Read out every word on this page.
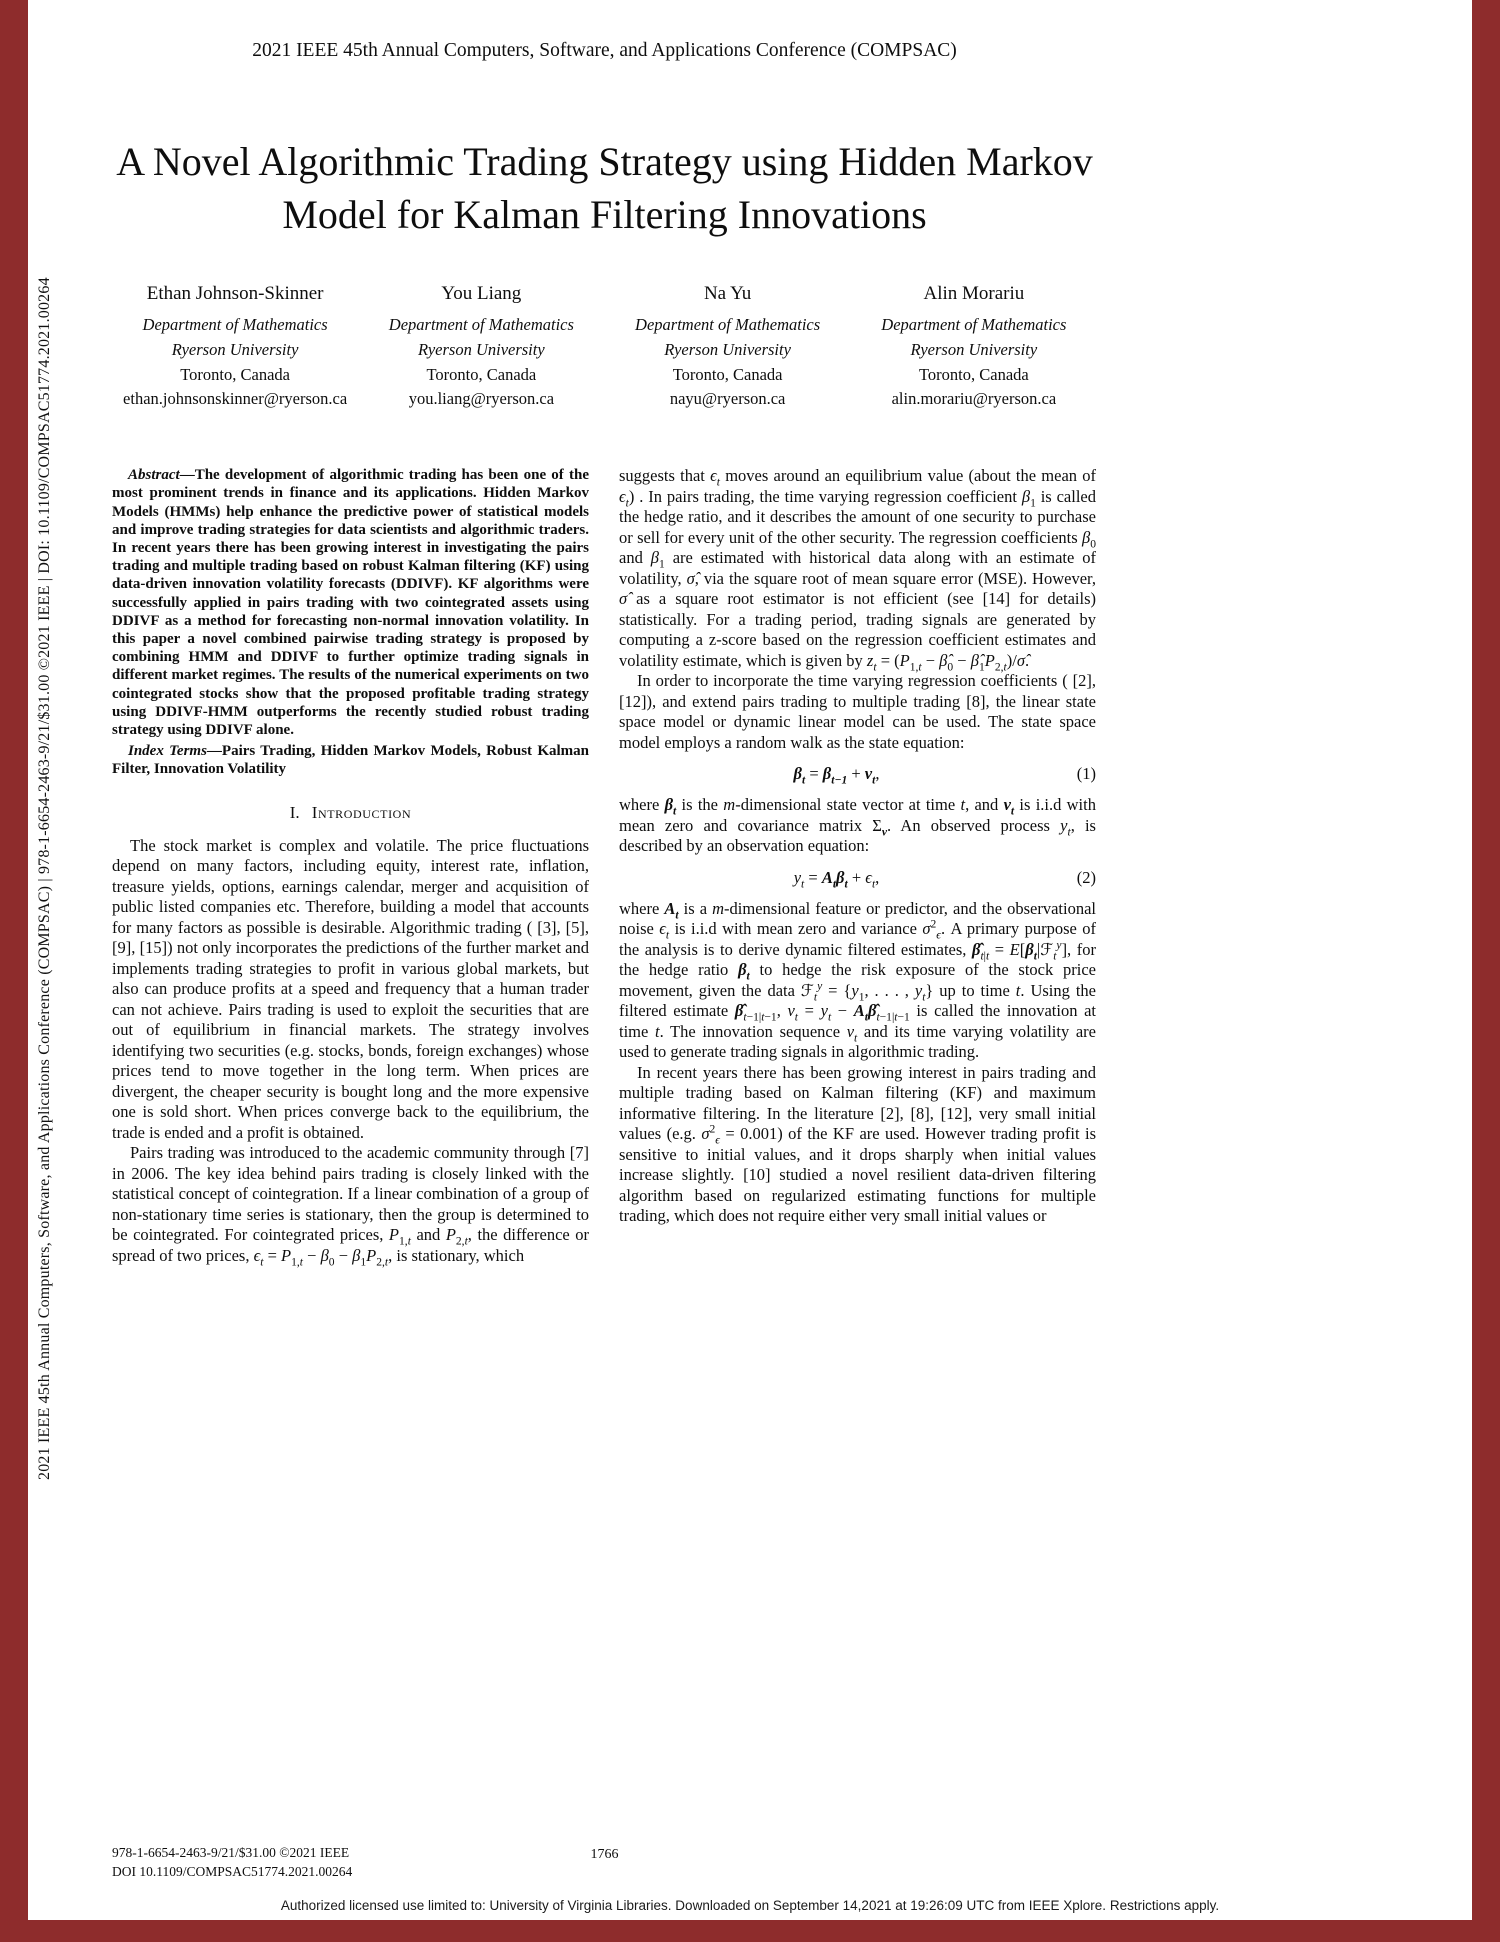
2021 IEEE 45th Annual Computers, Software, and Applications Conference (COMPSAC) | 978-1-6654-2463-9/21/$31.00 ©2021 IEEE | DOI: 10.1109/COMPSAC51774.2021.00264
2021 IEEE 45th Annual Computers, Software, and Applications Conference (COMPSAC)
A Novel Algorithmic Trading Strategy using Hidden Markov Model for Kalman Filtering Innovations
Ethan Johnson-Skinner
Department of Mathematics
Ryerson University
Toronto, Canada
ethan.johnsonskinner@ryerson.ca
You Liang
Department of Mathematics
Ryerson University
Toronto, Canada
you.liang@ryerson.ca
Na Yu
Department of Mathematics
Ryerson University
Toronto, Canada
nayu@ryerson.ca
Alin Morariu
Department of Mathematics
Ryerson University
Toronto, Canada
alin.morariu@ryerson.ca

Abstract—The development of algorithmic trading has been one of the most prominent trends in finance and its applications. Hidden Markov Models (HMMs) help enhance the predictive power of statistical models and improve trading strategies for data scientists and algorithmic traders. In recent years there has been growing interest in investigating the pairs trading and multiple trading based on robust Kalman filtering (KF) using data-driven innovation volatility forecasts (DDIVF). KF algorithms were successfully applied in pairs trading with two cointegrated assets using DDIVF as a method for forecasting non-normal innovation volatility. In this paper a novel combined pairwise trading strategy is proposed by combining HMM and DDIVF to further optimize trading signals in different market regimes. The results of the numerical experiments on two cointegrated stocks show that the proposed profitable trading strategy using DDIVF-HMM outperforms the recently studied robust trading strategy using DDIVF alone.

Index Terms—Pairs Trading, Hidden Markov Models, Robust Kalman Filter, Innovation Volatility

I. Introduction

The stock market is complex and volatile. The price fluctuations depend on many factors, including equity, interest rate, inflation, treasure yields, options, earnings calendar, merger and acquisition of public listed companies etc. Therefore, building a model that accounts for many factors as possible is desirable. Algorithmic trading ( [3], [5], [9], [15]) not only incorporates the predictions of the further market and implements trading strategies to profit in various global markets, but also can produce profits at a speed and frequency that a human trader can not achieve. Pairs trading is used to exploit the securities that are out of equilibrium in financial markets. The strategy involves identifying two securities (e.g. stocks, bonds, foreign exchanges) whose prices tend to move together in the long term. When prices are divergent, the cheaper security is bought long and the more expensive one is sold short. When prices converge back to the equilibrium, the trade is ended and a profit is obtained.

Pairs trading was introduced to the academic community through [7] in 2006. The key idea behind pairs trading is closely linked with the statistical concept of cointegration. If a linear combination of a group of non-stationary time series is stationary, then the group is determined to be cointegrated. For cointegrated prices, $P_{1,t}$ and $P_{2,t}$, the difference or spread of two prices, $\epsilon_t = P_{1,t} - \beta_0 - \beta_1P_{2,t}$, is stationary, which

suggests that $\epsilon_t$ moves around an equilibrium value (about the mean of $\epsilon_t$) . In pairs trading, the time varying regression coefficient $\beta_1$ is called the hedge ratio, and it describes the amount of one security to purchase or sell for every unit of the other security. The regression coefficients $\beta_0$ and $\beta_1$ are estimated with historical data along with an estimate of volatility, σ̂, via the square root of mean square error (MSE). However, σ̂ as a square root estimator is not efficient (see [14] for details) statistically. For a trading period, trading signals are generated by computing a z-score based on the regression coefficient estimates and volatility estimate, which is given by $z_t = (P_{1,t}$ − $\betâ_0$ − $\betâ_1P_{2,t})/\sigmâ$.

In order to incorporate the time varying regression coefficients ( [2], [12]), and extend pairs trading to multiple trading [8], the linear state space model or dynamic linear model can be used. The state space model employs a random walk as the state equation:

$\beta_t = \beta_{t-1} + v_t$,	(1)

where $\beta_t$ is the m-dimensional state vector at time t, and $v_t$ is i.i.d with mean zero and covariance matrix $\Sigma_v$. An observed process $y_t$, is described by an observation equation:

$y_t = A_t\beta_t + \epsilon_t$,	(2)

where $A_t$ is a m-dimensional feature or predictor, and the observational noise $\epsilon_t$ is i.i.d with mean zero and variance $\sigma^2_\epsilon$. A primary purpose of the analysis is to derive dynamic filtered estimates, $\betâ_{t|t}$ = $E[\beta_t|ℱ_t^y]$, for the hedge ratio $\beta_t$ to hedge the risk exposure of the stock price movement, given the data ℱ$_t^y$ = {$y_1$, . . . , $y_t$} up to time t. Using the filtered estimate $\betâ_{t-1|t-1}$, $\nu_t = y_t$ − $A_t\betâ_{t-1|t-1}$ is called the innovation at time t. The innovation sequence $\nu_t$ and its time varying volatility are used to generate trading signals in algorithmic trading.

In recent years there has been growing interest in pairs trading and multiple trading based on Kalman filtering (KF) and maximum informative filtering. In the literature [2], [8], [12], very small initial values (e.g. $\sigma^2_\epsilon = 0.001$) of the KF are used. However trading profit is sensitive to initial values, and it drops sharply when initial values increase slightly. [10] studied a novel resilient data-driven filtering algorithm based on regularized estimating functions for multiple trading, which does not require either very small initial values or

978-1-6654-2463-9/21/$31.00 ©2021 IEEE
DOI 10.1109/COMPSAC51774.2021.00264
1766
Authorized licensed use limited to: University of Virginia Libraries. Downloaded on September 14,2021 at 19:26:09 UTC from IEEE Xplore. Restrictions apply.
